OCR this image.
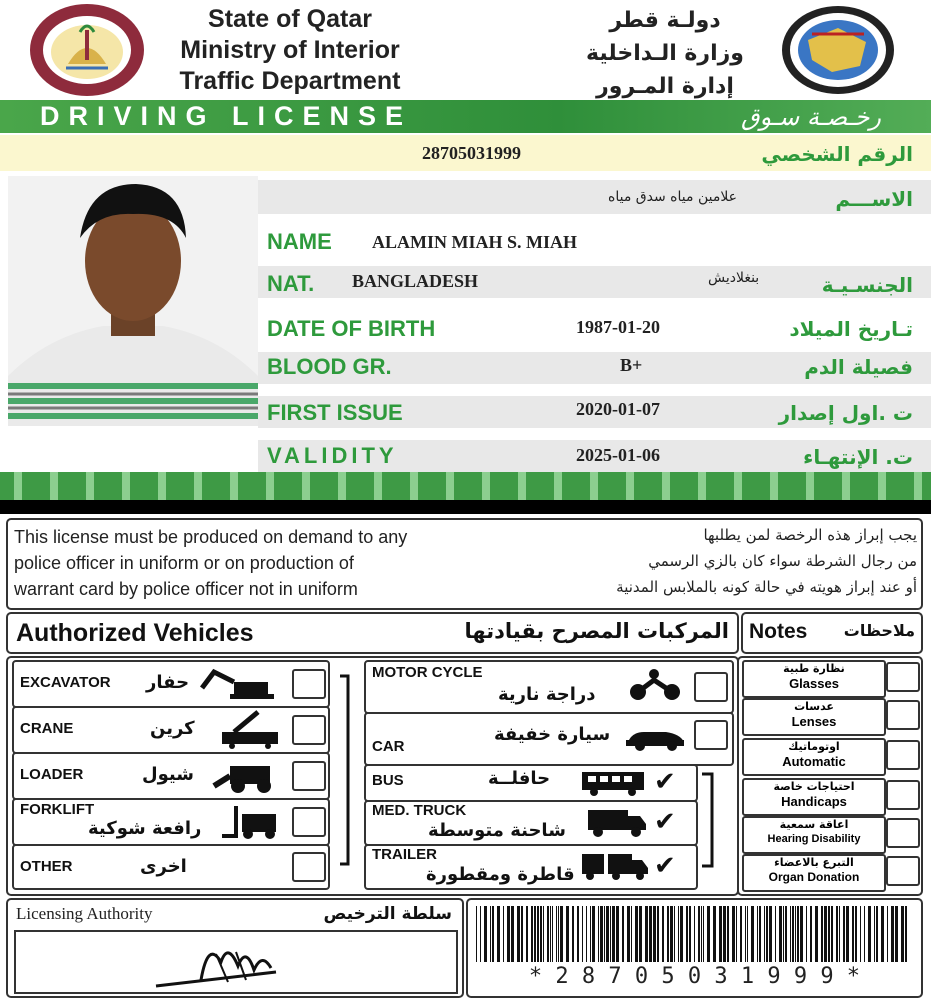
State of Qatar
Ministry of Interior
Traffic Department
دولـة قطر
وزارة الـداخلية
إدارة المـرور
DRIVING LICENSE	رخـصـة سـوق
28705031999	الرقم الشخصي
علامين مياه سدق مياه	الاســـم
NAME ALAMIN MIAH S. MIAH
NAT. BANGLADESH	بنغلاديش	الجنسـيـة
DATE OF BIRTH	1987-01-20	تـاريخ الميلاد
BLOOD GR.	B+	فصيلة الدم
FIRST ISSUE	2020-01-07	ت .اول إصدار
VALIDITY	2025-01-06	ت. الإنتهـاء
This license must be produced on demand to any
police officer in uniform or on production of
warrant card by police officer not in uniform
يجب إبراز هذه الرخصة لمن يطلبها
من رجال الشرطة سواء كان بالزي الرسمي
أو عند إبراز هويته في حالة كونه بالملابس المدنية
Authorized Vehicles	المركبات المصرح بقيادتها Notes ملاحظات
EXCAVATOR حفار
CRANE	كرين
LOADER	شيول
FORKLIFT
رافعة شوكية
OTHER	اخرى
MOTOR CYCLE
دراجة نارية
CAR
سيارة خفيفة
BUS	حافلــة	✔
MED. TRUCK
شاحنة متوسطة	✔
TRAILER
قاطرة ومقطورة	✔
نظارة طبية
Glasses
عدسات
Lenses
اوتوماتيك
Automatic
احتياجات خاصة
Handicaps
اعاقة سمعية
Hearing Disability
التبرع بالاعضاء
Organ Donation
Licensing Authority	سلطة الترخيص
* 2 8 7 0 5 0 3 1 9 9 9 *
